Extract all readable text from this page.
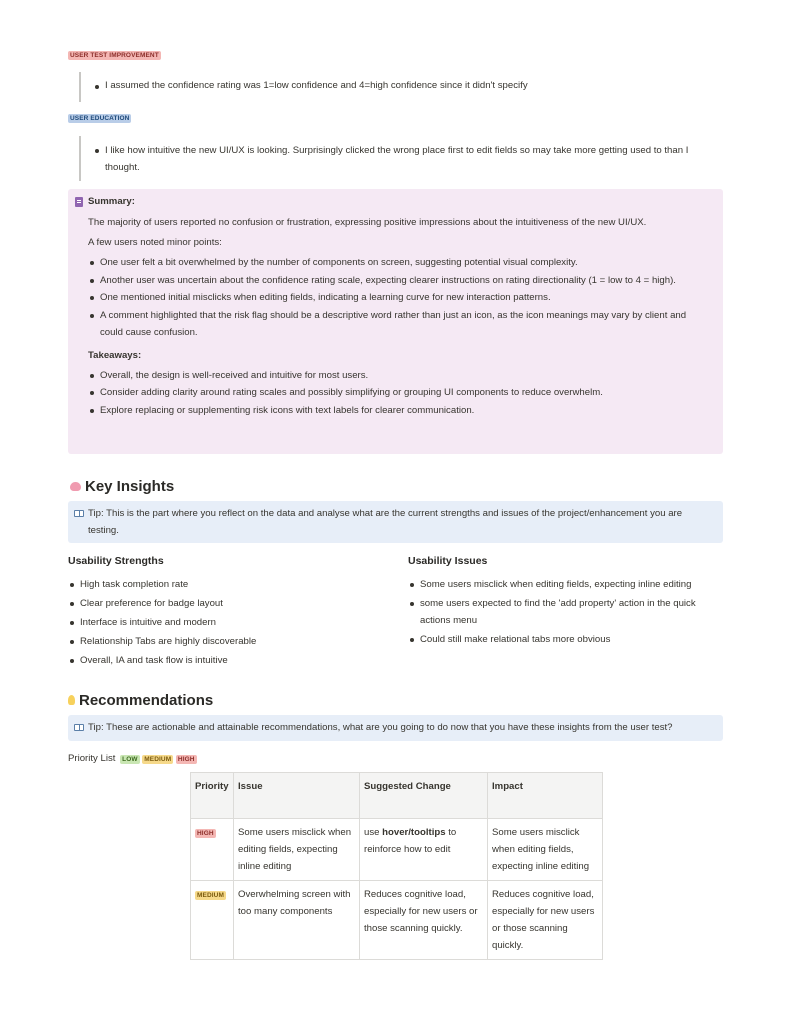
USER TEST IMPROVEMENT
I assumed the confidence rating was 1=low confidence and 4=high confidence since it didn't specify
USER EDUCATION
I like how intuitive the new UI/UX is looking. Surprisingly clicked the wrong place first to edit fields so may take more getting used to than I thought.

Summary:

The majority of users reported no confusion or frustration, expressing positive impressions about the intuitiveness of the new UI/UX.

A few users noted minor points:

One user felt a bit overwhelmed by the number of components on screen, suggesting potential visual complexity.
Another user was uncertain about the confidence rating scale, expecting clearer instructions on rating directionality (1 = low to 4 = high).
One mentioned initial misclicks when editing fields, indicating a learning curve for new interaction patterns.
A comment highlighted that the risk flag should be a descriptive word rather than just an icon, as the icon meanings may vary by client and could cause confusion.

Takeaways:

Overall, the design is well-received and intuitive for most users.
Consider adding clarity around rating scales and possibly simplifying or grouping UI components to reduce overwhelm.
Explore replacing or supplementing risk icons with text labels for clearer communication.
Key Insights
Tip: This is the part where you reflect on the data and analyse what are the current strengths and issues of the project/enhancement you are testing.
Usability Strengths
High task completion rate
Clear preference for badge layout
Interface is intuitive and modern
Relationship Tabs are highly discoverable
Overall, IA and task flow is intuitive
Usability Issues
Some users misclick when editing fields, expecting inline editing
some users expected to find the 'add property' action in the quick actions menu
Could still make relational tabs more obvious
Recommendations
Tip: These are actionable and attainable recommendations, what are you going to do now that you have these insights from the user test?
Priority List LOW MEDIUM HIGH
Priority	Issue	Suggested Change	Impact
HIGH	Some users misclick when editing fields, expecting inline editing	use hover/tooltips to reinforce how to edit	Some users misclick when editing fields, expecting inline editing
MEDIUM	Overwhelming screen with too many components	Reduces cognitive load, especially for new users or those scanning quickly.	Reduces cognitive load, especially for new users or those scanning quickly.
